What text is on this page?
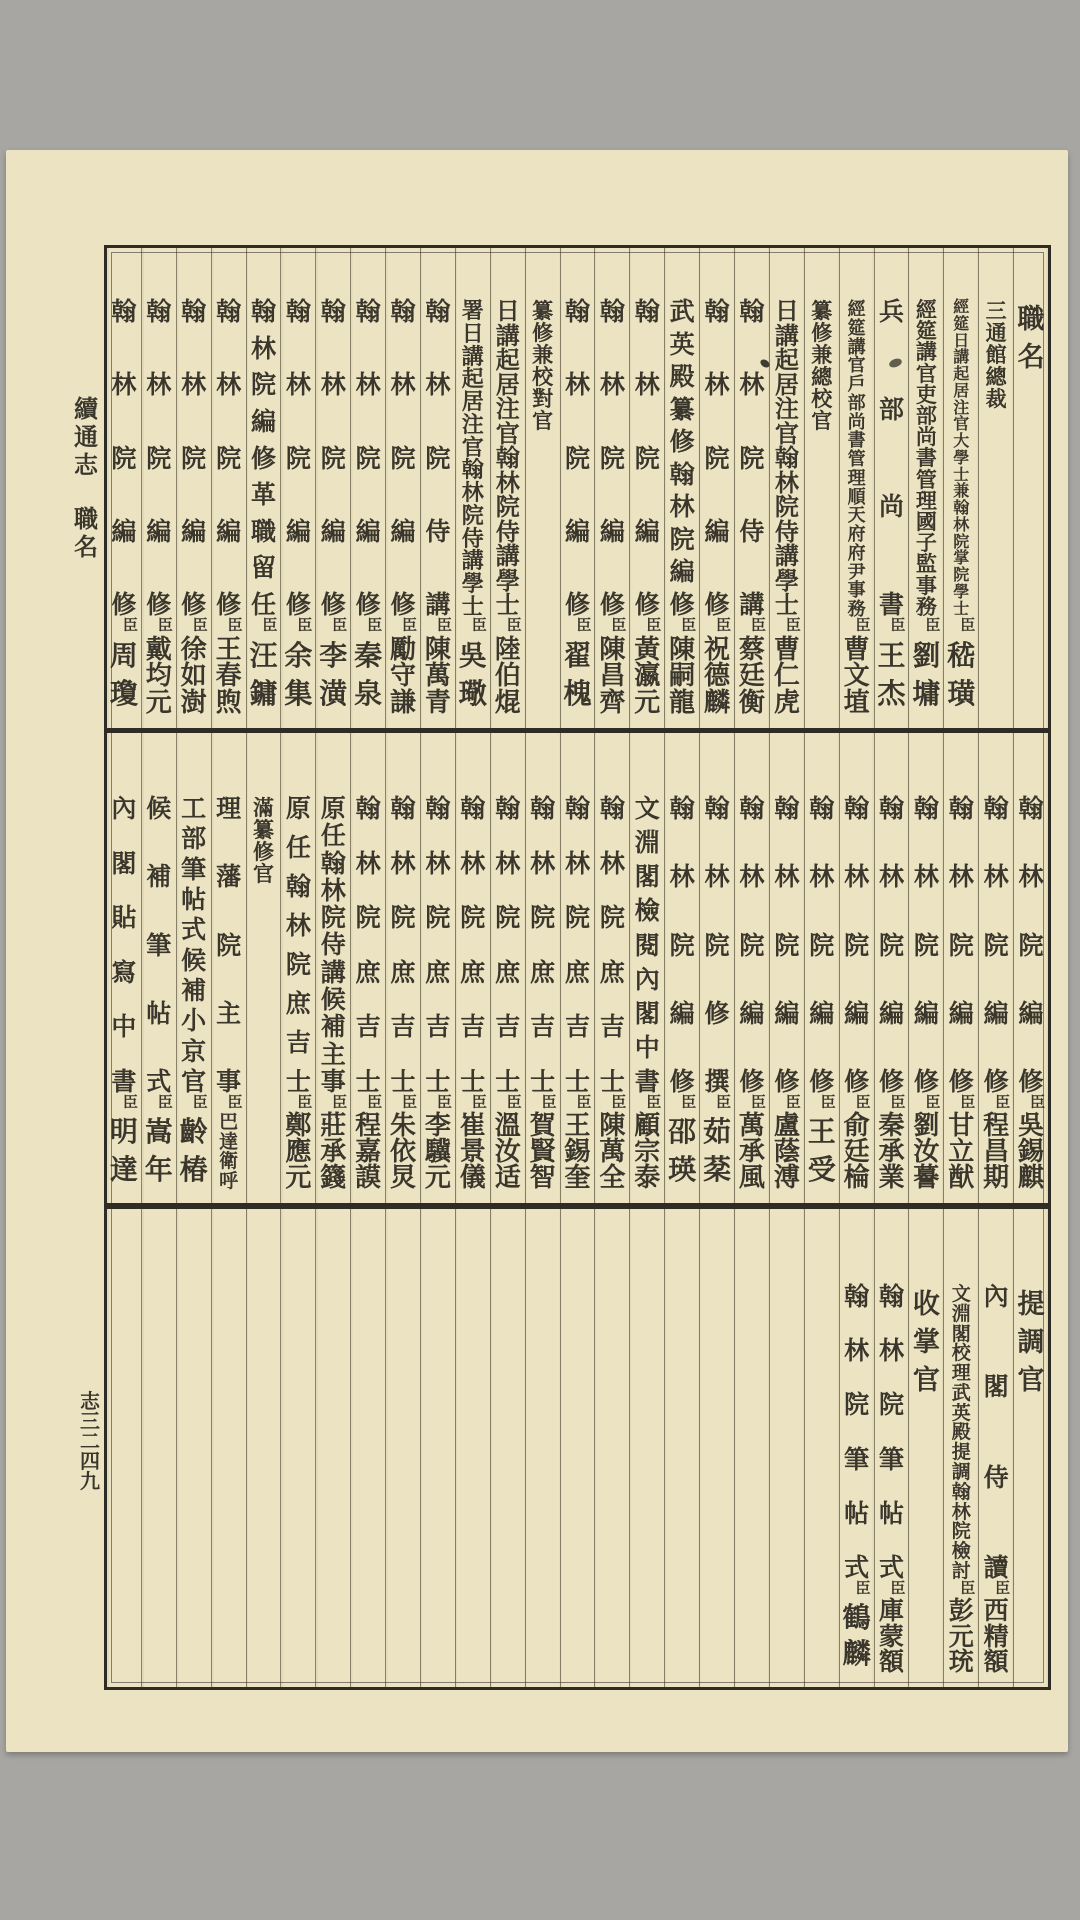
續通志
職名
志三二四九
職
名
三
通
館
總
裁
經
筵
日
講
起
居
注
官
大
學
士
兼
翰
林
院
掌
院
學
士
臣
嵇
璜
經
筵
講
官
吏
部
尚
書
管
理
國
子
監
事
務
臣
劉
墉
兵
部
尚
書
臣
王
杰
經
筵
講
官
戶
部
尚
書
管
理
順
天
府
府
尹
事
務
臣
曹
文
埴
纂
修
兼
總
校
官
日
講
起
居
注
官
翰
林
院
侍
講
學
士
臣
曹
仁
虎
翰
林
院
侍
講
臣
蔡
廷
衡
翰
林
院
編
修
臣
祝
德
麟
武
英
殿
纂
修
翰
林
院
編
修
臣
陳
嗣
龍
翰
林
院
編
修
臣
黃
瀛
元
翰
林
院
編
修
臣
陳
昌
齊
翰
林
院
編
修
臣
翟
槐
纂
修
兼
校
對
官
日
講
起
居
注
官
翰
林
院
侍
講
學
士
臣
陸
伯
焜
署
日
講
起
居
注
官
翰
林
院
侍
講
學
士
臣
吳
璥
翰
林
院
侍
講
臣
陳
萬
青
翰
林
院
編
修
臣
勵
守
謙
翰
林
院
編
修
臣
秦
泉
翰
林
院
編
修
臣
李
潢
翰
林
院
編
修
臣
余
集
翰
林
院
編
修
革
職
留
任
臣
汪
鏞
翰
林
院
編
修
臣
王
春
煦
翰
林
院
編
修
臣
徐
如
澍
翰
林
院
編
修
臣
戴
均
元
翰
林
院
編
修
臣
周
瓊
翰
林
院
編
修
臣
吳
錫
麒
翰
林
院
編
修
臣
程
昌
期
翰
林
院
編
修
臣
甘
立
猷
翰
林
院
編
修
臣
劉
汝
謩
翰
林
院
編
修
臣
秦
承
業
翰
林
院
編
修
臣
俞
廷
棆
翰
林
院
編
修
臣
王
受
翰
林
院
編
修
臣
盧
蔭
溥
翰
林
院
編
修
臣
萬
承
風
翰
林
院
修
撰
臣
茹
棻
翰
林
院
編
修
臣
邵
瑛
文
淵
閣
檢
閱
內
閣
中
書
臣
顧
宗
泰
翰
林
院
庶
吉
士
臣
陳
萬
全
翰
林
院
庶
吉
士
臣
王
錫
奎
翰
林
院
庶
吉
士
臣
賀
賢
智
翰
林
院
庶
吉
士
臣
溫
汝
适
翰
林
院
庶
吉
士
臣
崔
景
儀
翰
林
院
庶
吉
士
臣
李
驥
元
翰
林
院
庶
吉
士
臣
朱
依
炅
翰
林
院
庶
吉
士
臣
程
嘉
謨
原
任
翰
林
院
侍
講
候
補
主
事
臣
莊
承
籛
原
任
翰
林
院
庶
吉
士
臣
鄭
應
元
滿
纂
修
官
理
藩
院
主
事
臣
巴
達
衛
呼
工
部
筆
帖
式
候
補
小
京
官
臣
齡
椿
候
補
筆
帖
式
臣
嵩
年
內
閣
貼
寫
中
書
臣
明
達
提
調
官
內
閣
侍
讀
臣
西
精
額
文
淵
閣
校
理
武
英
殿
提
調
翰
林
院
檢
討
臣
彭
元
珫
收
掌
官
翰
林
院
筆
帖
式
臣
庫
蒙
額
翰
林
院
筆
帖
式
臣
鶴
麟
